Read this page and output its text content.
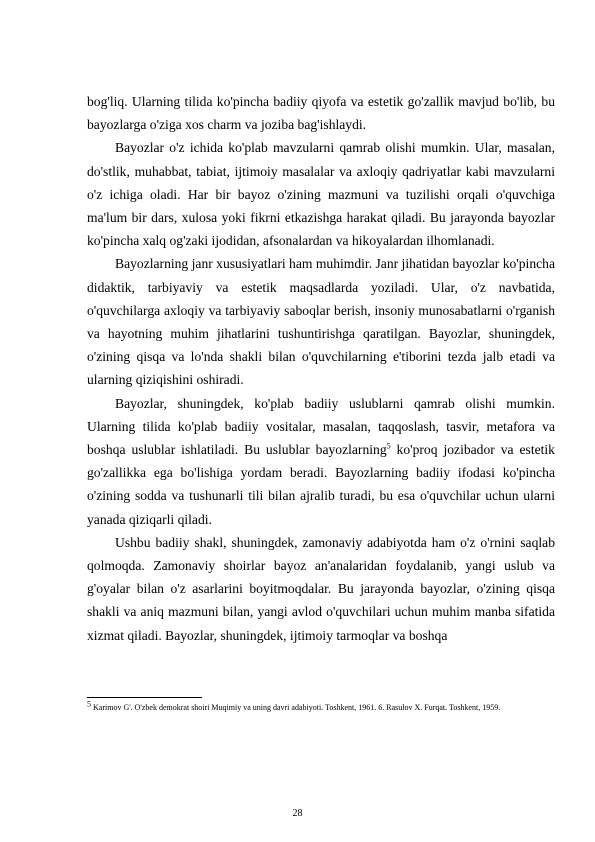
bog'liq. Ularning tilida ko'pincha badiiy qiyofa va estetik go'zallik mavjud bo'lib, bu bayozlarga o'ziga xos charm va joziba bag'ishlaydi.

Bayozlar o'z ichida ko'plab mavzularni qamrab olishi mumkin. Ular, masalan, do'stlik, muhabbat, tabiat, ijtimoiy masalalar va axloqiy qadriyatlar kabi mavzularni o'z ichiga oladi. Har bir bayoz o'zining mazmuni va tuzilishi orqali o'quvchiga ma'lum bir dars, xulosa yoki fikrni etkazishga harakat qiladi. Bu jarayonda bayozlar ko'pincha xalq og'zaki ijodidan, afsonalardan va hikoyalardan ilhomlanadi.

Bayozlarning janr xususiyatlari ham muhimdir. Janr jihatidan bayozlar ko'pincha didaktik, tarbiyaviy va estetik maqsadlarda yoziladi. Ular, o'z navbatida, o'quvchilarga axloqiy va tarbiyaviy saboqlar berish, insoniy munosabatlarni o'rganish va hayotning muhim jihatlarini tushuntirishga qaratilgan. Bayozlar, shuningdek, o'zining qisqa va lo'nda shakli bilan o'quvchilarning e'tiborini tezda jalb etadi va ularning qiziqishini oshiradi.

Bayozlar, shuningdek, ko'plab badiiy uslublarni qamrab olishi mumkin. Ularning tilida ko'plab badiiy vositalar, masalan, taqqoslash, tasvir, metafora va boshqa uslublar ishlatiladi. Bu uslublar bayozlarning$^5$ ko'proq jozibador va estetik go'zallikka ega bo'lishiga yordam beradi. Bayozlarning badiiy ifodasi ko'pincha o'zining sodda va tushunarli tili bilan ajralib turadi, bu esa o'quvchilar uchun ularni yanada qiziqarli qiladi.

Ushbu badiiy shakl, shuningdek, zamonaviy adabiyotda ham o'z o'rnini saqlab qolmoqda. Zamonaviy shoirlar bayoz an'analaridan foydalanib, yangi uslub va g'oyalar bilan o'z asarlarini boyitmoqdalar. Bu jarayonda bayozlar, o'zining qisqa shakli va aniq mazmuni bilan, yangi avlod o'quvchilari uchun muhim manba sifatida xizmat qiladi. Bayozlar, shuningdek, ijtimoiy tarmoqlar va boshqa

$^5$ Karimov G'. O'zbek demokrat shoiri Muqimiy va uning davri adabiyoti. Toshkent, 1961. 6. Rasulov X. Furqat. Toshkent, 1959.

28
